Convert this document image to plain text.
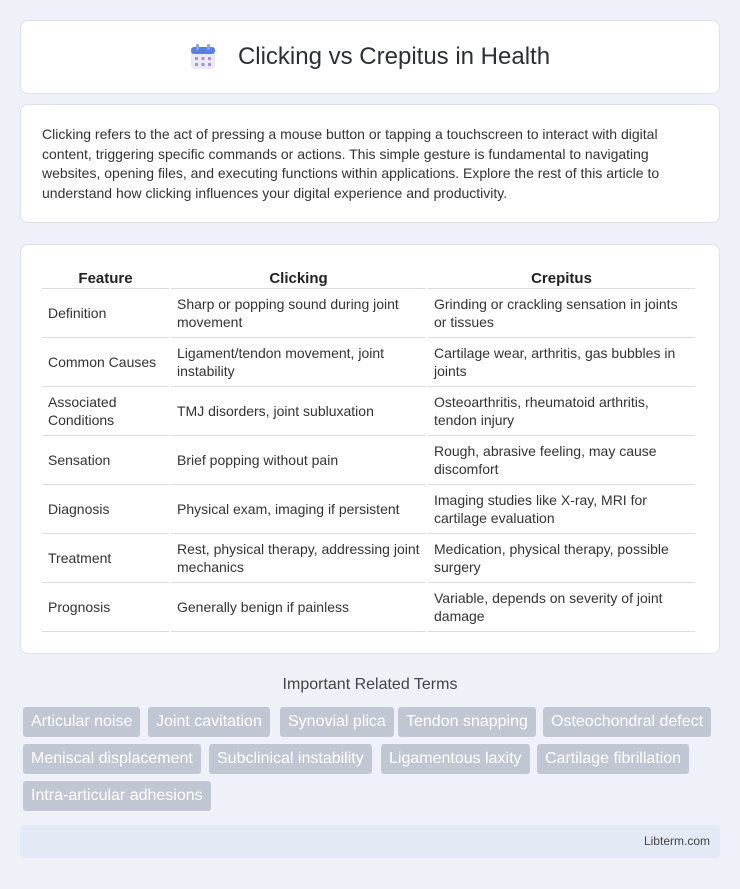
Clicking vs Crepitus in Health

Clicking refers to the act of pressing a mouse button or tapping a touchscreen to interact with digital content, triggering specific commands or actions. This simple gesture is fundamental to navigating websites, opening files, and executing functions within applications. Explore the rest of this article to understand how clicking influences your digital experience and productivity.

Feature	Clicking	Crepitus
Definition	Sharp or popping sound during joint movement	Grinding or crackling sensation in joints or tissues
Common Causes	Ligament/tendon movement, joint instability	Cartilage wear, arthritis, gas bubbles in joints
Associated Conditions	TMJ disorders, joint subluxation	Osteoarthritis, rheumatoid arthritis, tendon injury
Sensation	Brief popping without pain	Rough, abrasive feeling, may cause discomfort
Diagnosis	Physical exam, imaging if persistent	Imaging studies like X-ray, MRI for cartilage evaluation
Treatment	Rest, physical therapy, addressing joint mechanics	Medication, physical therapy, possible surgery
Prognosis	Generally benign if painless	Variable, depends on severity of joint damage
Important Related Terms
Articular noise	Joint cavitation	Synovial plica	Tendon snapping	Osteochondral defect
Meniscal displacement	Subclinical instability	Ligamentous laxity	Cartilage fibrillation
Intra-articular adhesions
Libterm.com
